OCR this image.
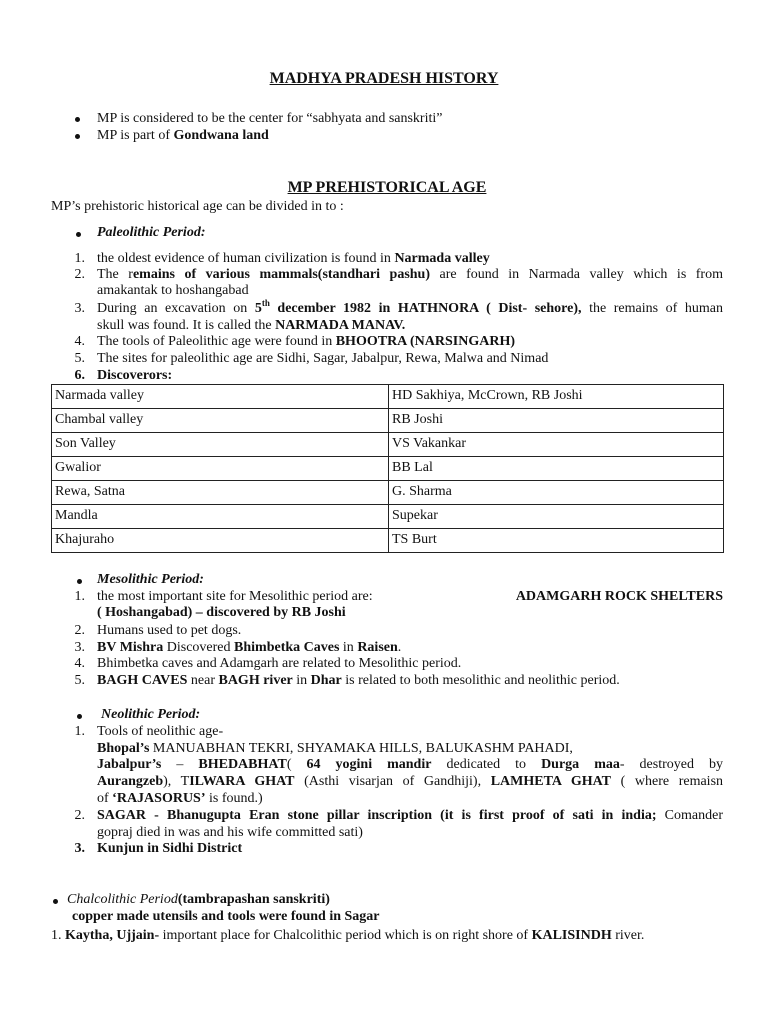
MADHYA PRADESH HISTORY
MP is considered to be the center for “sabhyata and sanskriti”
MP is part of Gondwana land
MP PREHISTORICAL AGE
MP’s prehistoric historical age can be divided in to :
Paleolithic Period:
1. the oldest evidence of human civilization is found in Narmada valley
2. The remains of various mammals(standhari pashu) are found in Narmada valley which is from
amakantak to hoshangabad
3. During an excavation on 5th december 1982 in HATHNORA ( Dist- sehore), the remains of human
skull was found. It is called the NARMADA MANAV.
4. The tools of Paleolithic age were found in BHOOTRA (NARSINGARH)
5. The sites for paleolithic age are Sidhi, Sagar, Jabalpur, Rewa, Malwa and Nimad
6. Discoverors:
Narmada valley	HD Sakhiya, McCrown, RB Joshi
Chambal valley	RB Joshi
Son Valley	VS Vakankar
Gwalior	BB Lal
Rewa, Satna	G. Sharma
Mandla	Supekar
Khajuraho	TS Burt
Mesolithic Period:
1. the most important site for Mesolithic period are:	ADAMGARH ROCK SHELTERS
( Hoshangabad) – discovered by RB Joshi
2. Humans used to pet dogs.
3. BV Mishra Discovered Bhimbetka Caves in Raisen.
4. Bhimbetka caves and Adamgarh are related to Mesolithic period.
5. BAGH CAVES near BAGH river in Dhar is related to both mesolithic and neolithic period.
Neolithic Period:
1. Tools of neolithic age-
Bhopal’s MANUABHAN TEKRI, SHYAMAKA HILLS, BALUKASHM PAHADI,
Jabalpur’s – BHEDABHAT( 64 yogini mandir dedicated to Durga maa- destroyed by
Aurangzeb), TILWARA GHAT (Asthi visarjan of Gandhiji), LAMHETA GHAT ( where remaisn
of ‘RAJASORUS’ is found.)
2. SAGAR - Bhanugupta Eran stone pillar inscription (it is first proof of sati in india; Comander
gopraj died in was and his wife committed sati)
3. Kunjun in Sidhi District
Chalcolithic Period(tambrapashan sanskriti)
copper made utensils and tools were found in Sagar
1. Kaytha, Ujjain- important place for Chalcolithic period which is on right shore of KALISINDH river.
